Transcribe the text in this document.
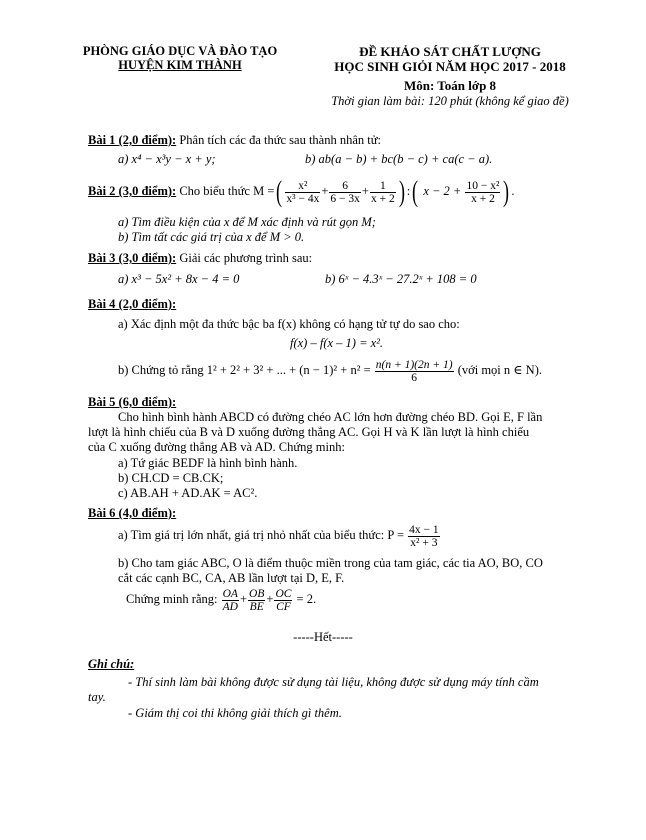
PHÒNG GIÁO DỤC VÀ ĐÀO TẠO
HUYỆN KIM THÀNH
ĐỀ KHẢO SÁT CHẤT LƯỢNG
HỌC SINH GIỎI NĂM HỌC 2017 - 2018
Môn: Toán lớp 8
Thời gian làm bài: 120 phút (không kể giao đề)
Bài 1 (2,0 điểm): Phân tích các đa thức sau thành nhân tử:
a) x⁴ − x³y − x + y;	b) ab(a − b) + bc(b − c) + ca(c − a).
Bài 2 (3,0 điểm): Cho biểu thức M =( $\frac{\text{x²}}{\text{x³ − 4x}} + \frac{6}{6 - 3x} + \frac{1}{x + 2}$ ) :( $x - 2 + \frac{\text{10 − x²}}{x + 2}$ ) .
a) Tìm điều kiện của x để M xác định và rút gọn M;
b) Tìm tất các giá trị của x để M > 0.
Bài 3 (3,0 điểm): Giải các phương trình sau:
a) x³ − 5x² + 8x − 4 = 0	b) 6ˣ − 4.3ˣ − 27.2ˣ + 108 = 0
Bài 4 (2,0 điểm):
a) Xác định một đa thức bậc ba f(x) không có hạng tử tự do sao cho:
f(x) – f(x – 1) = x².
b) Chứng tỏ rằng 1² + 2² + 3² + ... + $(n - 1)^2 + n^2 = \frac{n(n + 1)(2n + 1)}{6}$ (với mọi n ∈ N).
Bài 5 (6,0 điểm):
Cho hình bình hành ABCD có đường chéo AC lớn hơn đường chéo BD. Gọi E, F lần
lượt là hình chiếu của B và D xuống đường thẳng AC. Gọi H và K lần lượt là hình chiếu
của C xuống đường thẳng AB và AD. Chứng minh:
a) Tứ giác BEDF là hình bình hành.
b) CH.CD = CB.CK;
c) AB.AH + AD.AK = AC².
Bài 6 (4,0 điểm):
a) Tìm giá trị lớn nhất, giá trị nhỏ nhất của biểu thức: $P = \frac{4x - 1}{\text{x² + 3}}$
b) Cho tam giác ABC, O là điểm thuộc miền trong của tam giác, các tia AO, BO, CO
cắt các cạnh BC, CA, AB lần lượt tại D, E, F.
Chứng minh rằng: $\frac{OA}{AD} + \frac{OB}{BE} + \frac{OC}{CF} = 2$.
-----Hết-----
Ghi chú:
- Thí sinh làm bài không được sử dụng tài liệu, không được sử dụng máy tính cầm
tay.
- Giám thị coi thi không giải thích gì thêm.
